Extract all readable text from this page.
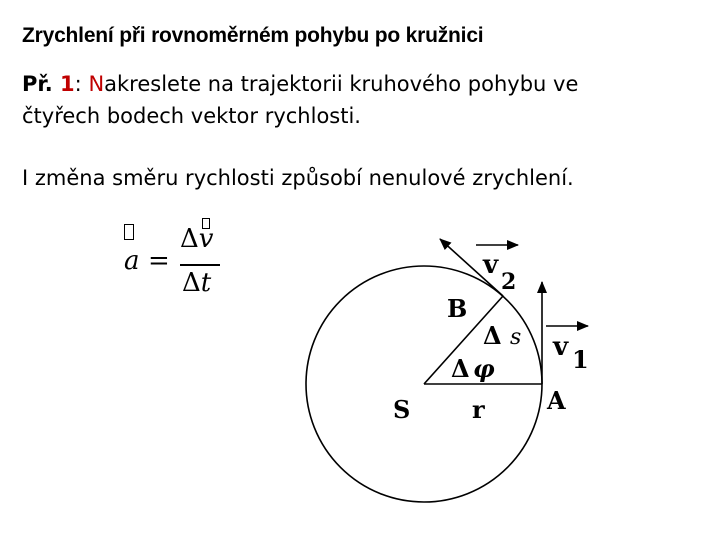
Zrychlení při rovnoměrném pohybu po kružnici
Př. 1: Nakreslete na trajektorii kruhového pohybu ve
čtyřech bodech vektor rychlosti.
I změna směru rychlosti způsobí nenulové zrychlení.
a =
Δv
Δt
v
2
v 1
B
A
S	r
Δ s
Δ φ
